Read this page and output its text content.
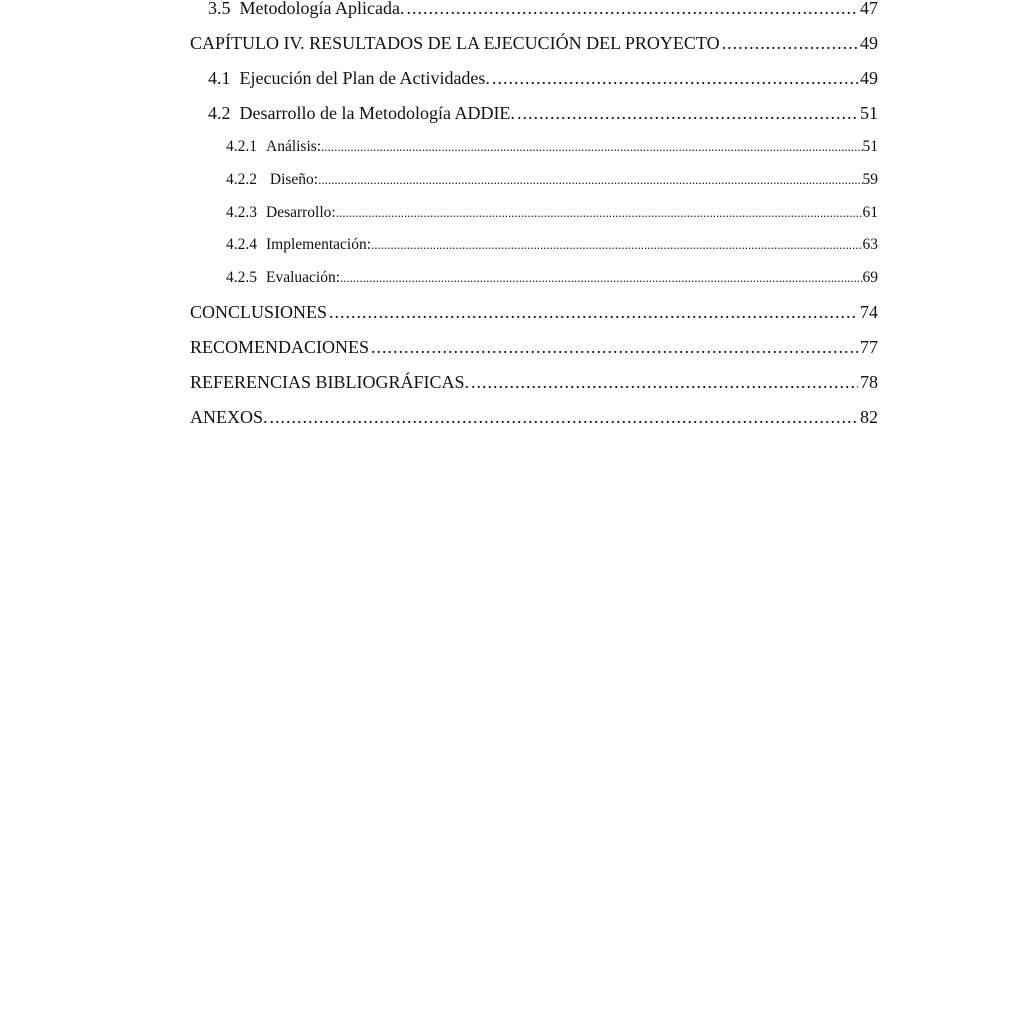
3.5 Metodología Aplicada. .....	47
CAPÍTULO IV. RESULTADOS DE LA EJECUCIÓN DEL PROYECTO .....	49
4.1 Ejecución del Plan de Actividades. .....	49
4.2 Desarrollo de la Metodología ADDIE. .....	51
4.2.1 Análisis: .....	51
4.2.2 Diseño: .....	59
4.2.3 Desarrollo: .....	61
4.2.4 Implementación: .....	63
4.2.5 Evaluación: .....	69
CONCLUSIONES .....	74
RECOMENDACIONES .....	77
REFERENCIAS BIBLIOGRÁFICAS. .....	78
ANEXOS. .....	82
